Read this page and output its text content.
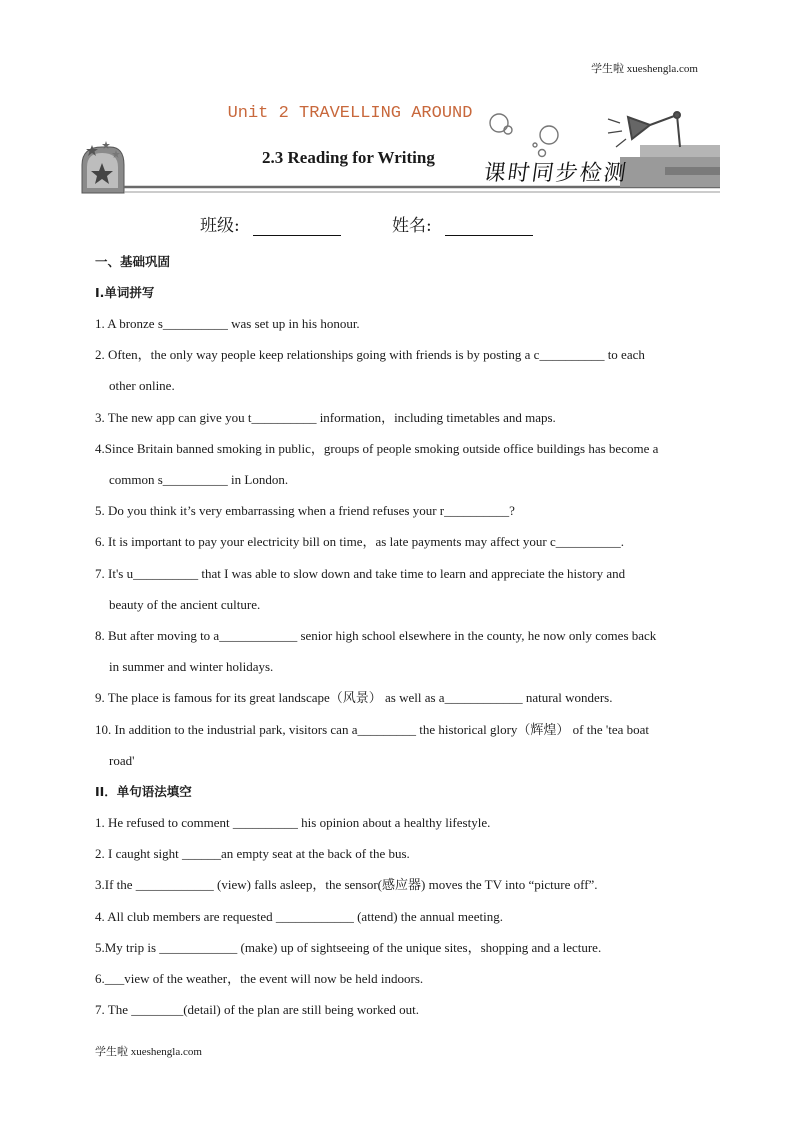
学生啦 xueshengla.com
Unit 2 TRAVELLING AROUND
2.3 Reading for Writing
课时同步检测
班级:	姓名:

一、基础巩固

I.单词拼写

1. A bronze s__________ was set up in his honour.

2. Often，the only way people keep relationships going with friends is by posting a c__________ to each

other online.

3. The new app can give you t__________ information，including timetables and maps.

4.Since Britain banned smoking in public，groups of people smoking outside office buildings has become a

common s__________ in London.

5. Do you think it’s very embarrassing when a friend refuses your r__________?

6. It is important to pay your electricity bill on time，as late payments may affect your c__________.

7. It's u__________ that I was able to slow down and take time to learn and appreciate the history and

beauty of the ancient culture.

8. But after moving to a____________ senior high school elsewhere in the county, he now only comes back

in summer and winter holidays.

9. The place is famous for its great landscape（风景） as well as a____________ natural wonders.

10. In addition to the industrial park, visitors can a_________ the historical glory（辉煌） of the 'tea boat

road'

II．单句语法填空

1. He refused to comment __________ his opinion about a healthy lifestyle.

2. I caught sight ______an empty seat at the back of the bus.

3.If the ____________ (view) falls asleep，the sensor(感应器) moves the TV into “picture off”.

4. All club members are requested ____________ (attend) the annual meeting.

5.My trip is ____________ (make) up of sightseeing of the unique sites，shopping and a lecture.

6.___view of the weather，the event will now be held indoors.

7. The ________(detail) of the plan are still being worked out.

学生啦 xueshengla.com
